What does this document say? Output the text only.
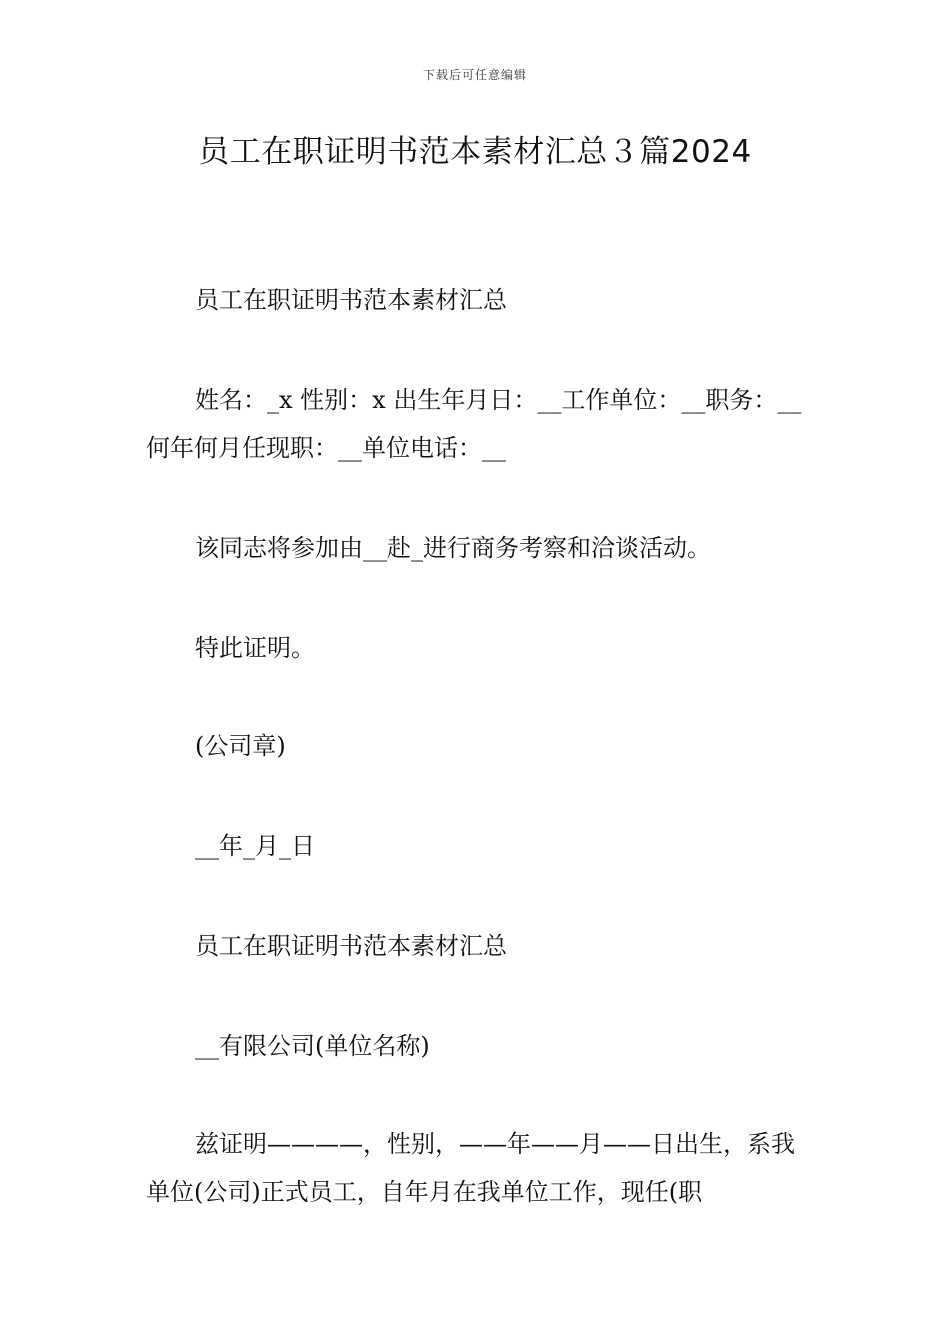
下载后可任意编辑
员工在职证明书范本素材汇总３篇2024

员工在职证明书范本素材汇总

姓名：_x 性别：x 出生年月日：__工作单位：__职务：__何年何月任现职：__单位电话：__

该同志将参加由__赴_进行商务考察和洽谈活动。

特此证明。

(公司章)

__年_月_日

员工在职证明书范本素材汇总

__有限公司(单位名称)

兹证明————，性别，——年——月——日出生，系我单位(公司)正式员工，自年月在我单位工作，现任(职
